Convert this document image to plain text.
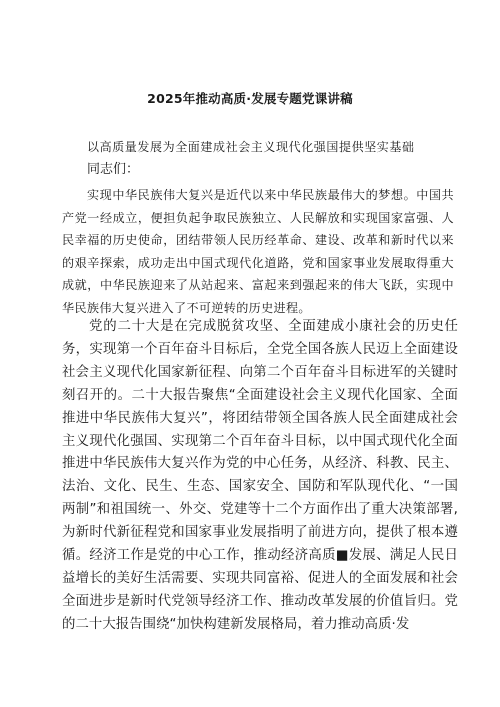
2025年推动高质·发展专题党课讲稿
以高质量发展为全面建成社会主义现代化强国提供坚实基础
同志们：

实现中华民族伟大复兴是近代以来中华民族最伟大的梦想。中国共产党一经成立，便担负起争取民族独立、人民解放和实现国家富强、人民幸福的历史使命，团结带领人民历经革命、建设、改革和新时代以来的艰辛探索，成功走出中国式现代化道路，党和国家事业发展取得重大成就，中华民族迎来了从站起来、富起来到强起来的伟大飞跃，实现中华民族伟大复兴进入了不可逆转的历史进程。

党的二十大是在完成脱贫攻坚、全面建成小康社会的历史任务，实现第一个百年奋斗目标后，全党全国各族人民迈上全面建设社会主义现代化国家新征程、向第二个百年奋斗目标进军的关键时刻召开的。二十大报告聚焦“全面建设社会主义现代化国家、全面推进中华民族伟大复兴”，将团结带领全国各族人民全面建成社会主义现代化强国、实现第二个百年奋斗目标，以中国式现代化全面推进中华民族伟大复兴作为党的中心任务，从经济、科教、民主、法治、文化、民生、生态、国家安全、国防和军队现代化、“一国两制”和祖国统一、外交、党建等十二个方面作出了重大决策部署,为新时代新征程党和国家事业发展指明了前进方向，提供了根本遵循。经济工作是党的中心工作，推动经济高质■发展、满足人民日益增长的美好生活需要、实现共同富裕、促进人的全面发展和社会全面进步是新时代党领导经济工作、推动改革发展的价值旨归。党的二十大报告围绕“加快构建新发展格局，着力推动高质·发
